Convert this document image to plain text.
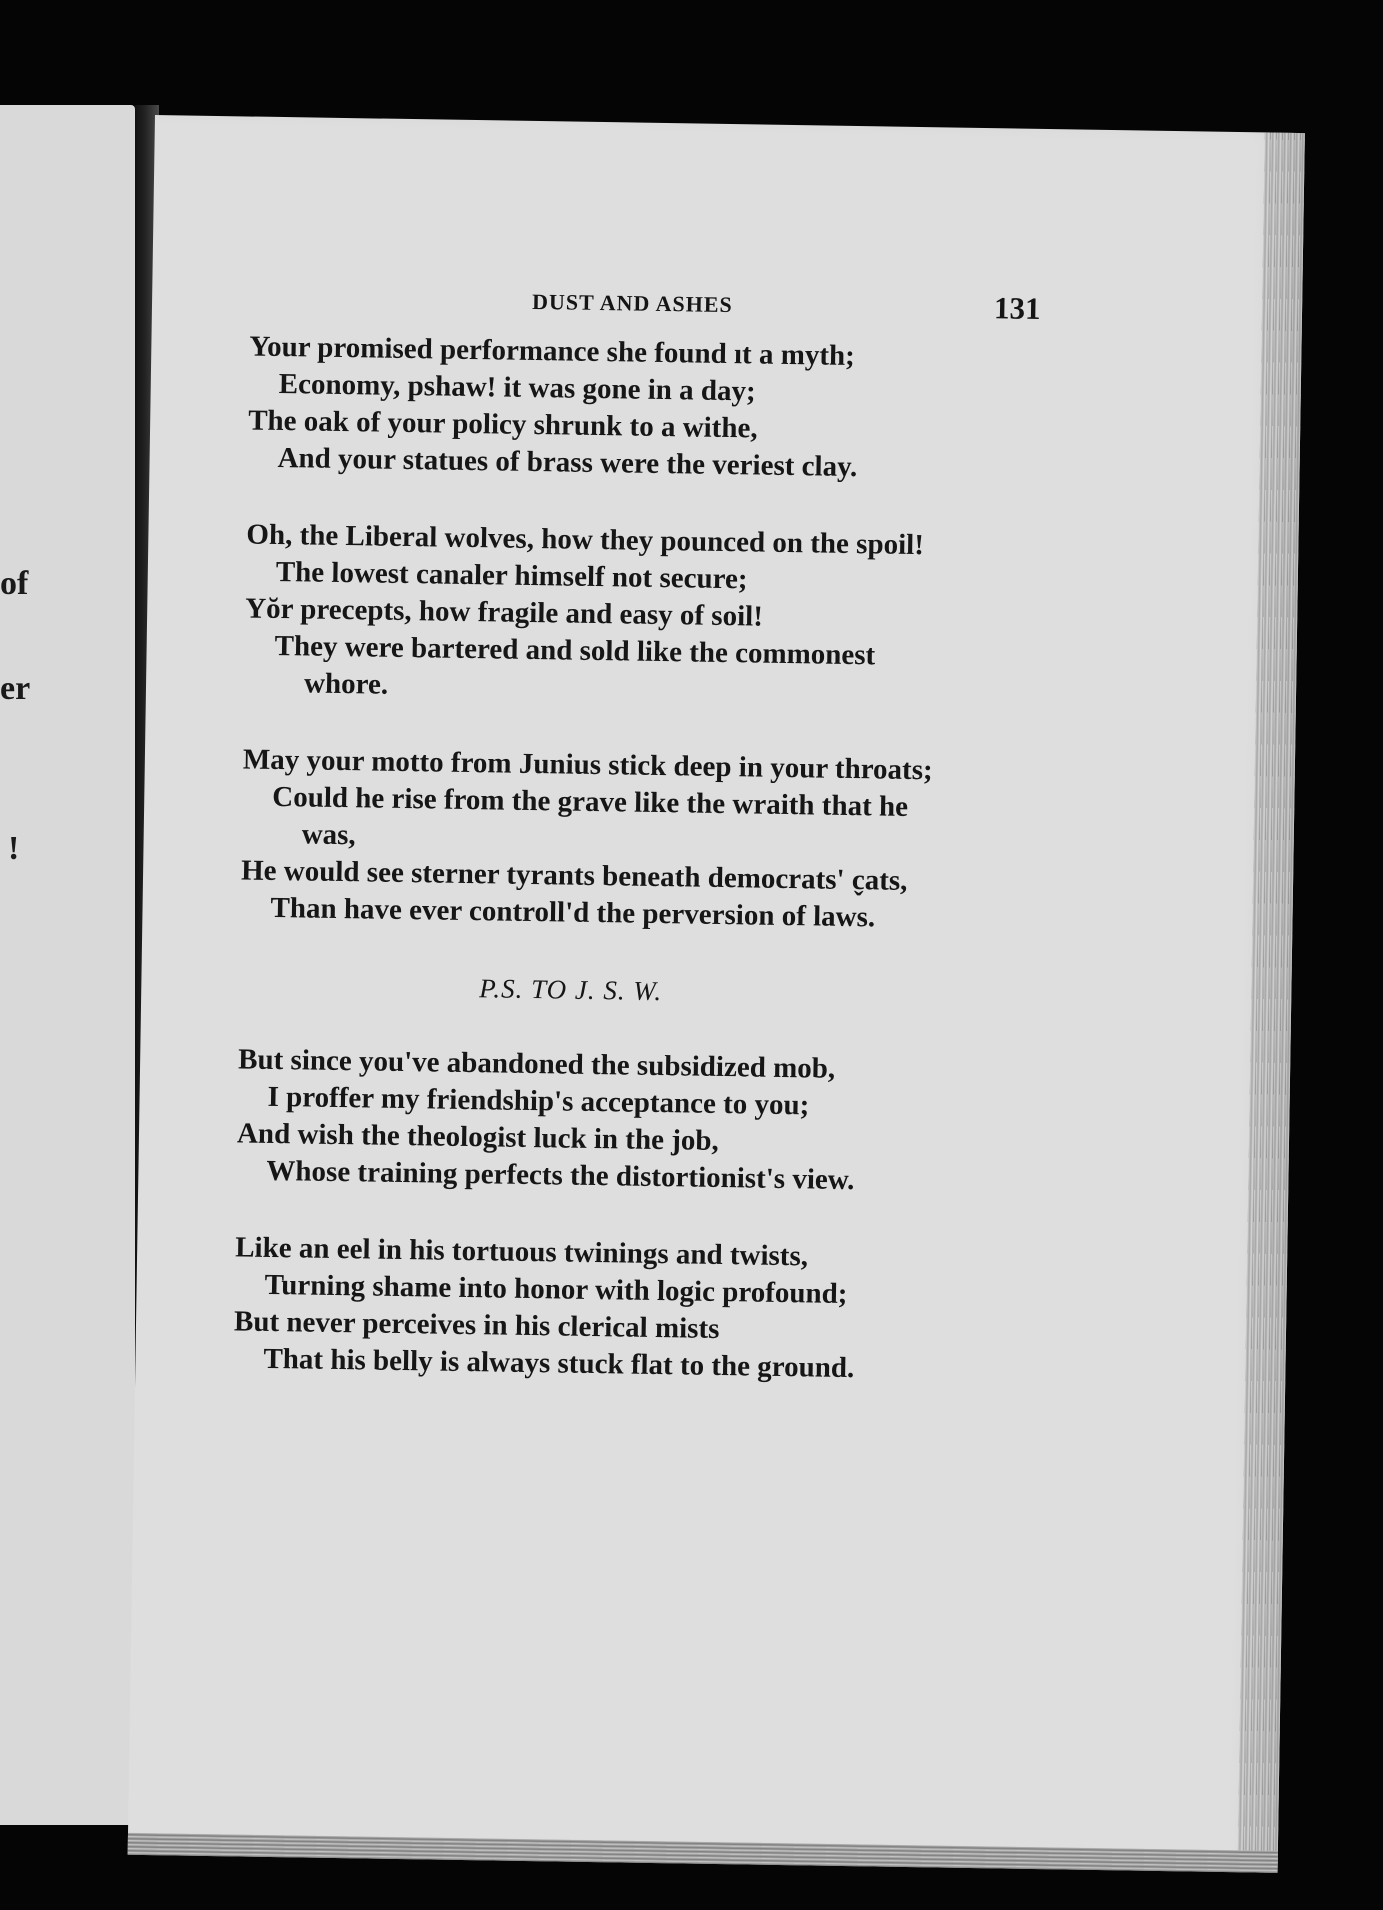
of
er
!
DUST AND ASHES	131
Your promised performance she found ıt a myth;
Economy, pshaw! it was gone in a day;
The oak of your policy shrunk to a withe,
And your statues of brass were the veriest clay.
Oh, the Liberal wolves, how they pounced on the spoil!
The lowest canaler himself not secure;
Yŏr precepts, how fragile and easy of soil!
They were bartered and sold like the commonest
whore.
May your motto from Junius stick deep in your throats;
Could he rise from the grave like the wraith that he
was,
He would see sterner tyrants beneath democrats' c̬ats,
Than have ever controll'd the perversion of laws.
P.S. TO J. S. W.
But since you've abandoned the subsidized mob,
I proffer my friendship's acceptance to you;
And wish the theologist luck in the job,
Whose training perfects the distortionist's view.
Like an eel in his tortuous twinings and twists,
Turning shame into honor with logic profound;
But never perceives in his clerical mists
That his belly is always stuck flat to the ground.
